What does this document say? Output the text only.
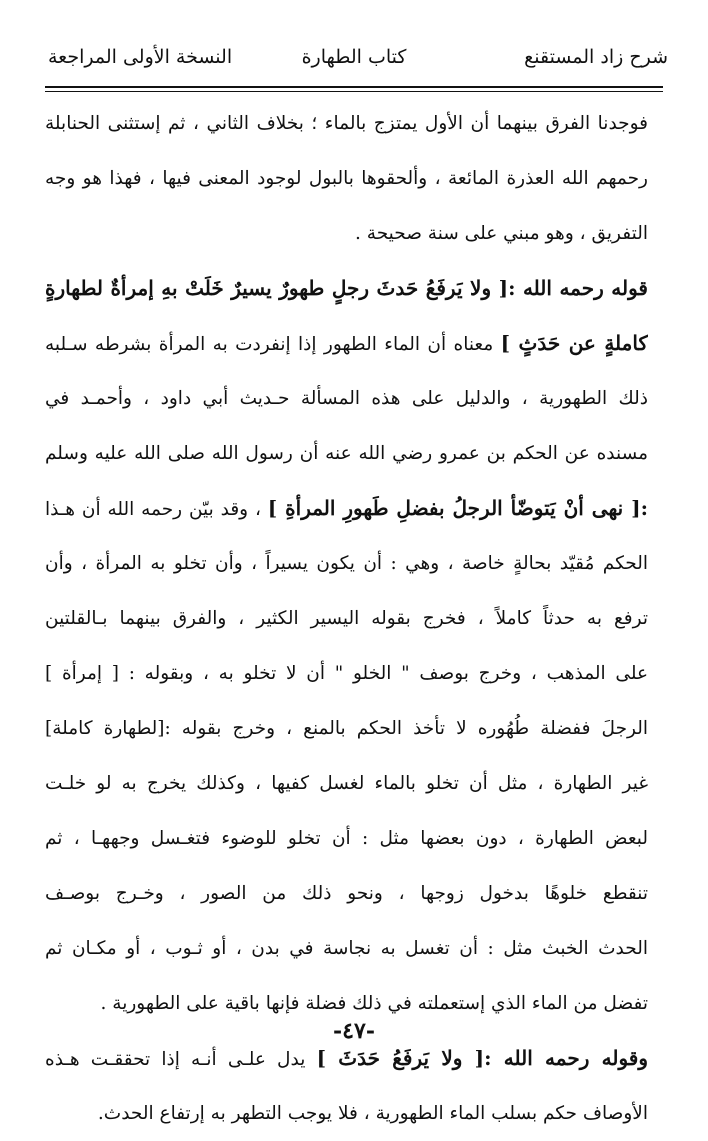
شرح زاد المستقنع
كتاب الطهارة
النسخة الأولى المراجعة
فوجدنا الفرق بينهما أن الأول يمتزج بالماء ؛ بخلاف الثاني ، ثم إستثنى الحنابلة
رحمهم الله العذرة المائعة ، وألحقوها بالبول لوجود المعنى فيها ، فهذا هو وجه
التفريق ، وهو مبني على سنة صحيحة .
قوله رحمه الله :[ ولا يَرفَعُ حَدثَ رجلٍ طهورٌ يسيرٌ خَلَتْ بهِ إمرأةٌ لطهارةٍ
كاملةٍ عن حَدَثٍ ] معناه أن الماء الطهور إذا إنفردت به المرأة بشرطه سـلبه
ذلك الطهورية ، والدليل على هذه المسألة حـديث أبي داود ، وأحمـد في
مسنده عن الحكم بن عمرو رضي الله عنه أن رسول الله صلى الله عليه وسلم
:[ نهى أنْ يَتوضّأ الرجلُ بفضلِ طَهورِ المرأةِ ] ، وقد بيّن رحمه الله أن هـذا
الحكم مُقيّد بحالةٍ خاصة ، وهي : أن يكون يسيراً ، وأن تخلو به المرأة ، وأن
ترفع به حدثاً كاملاً ، فخرج بقوله اليسير الكثير ، والفرق بينهما بـالقلتين
على المذهب ، وخرج بوصف " الخلو " أن لا تخلو به ، وبقوله : [ إمرأة ]
الرجلَ ففضلة طُهُوره لا تأخذ الحكم بالمنع ، وخرج بقوله :[لطهارة كاملة]
غير الطهارة ، مثل أن تخلو بالماء لغسل كفيها ، وكذلك يخرج به لو خلـت
لبعض الطهارة ، دون بعضها مثل : أن تخلو للوضوء فتغـسل وجههـا ، ثم
تنقطع خلوهًا بدخول زوجها ، ونحو ذلك من الصور ، وخـرج بوصـف
الحدث الخبث مثل : أن تغسل به نجاسة في بدن ، أو ثـوب ، أو مكـان ثم
تفضل من الماء الذي إستعملته في ذلك فضلة فإنها باقية على الطهورية .
وقوله رحمه الله :[ ولا يَرفَعُ حَدَثَ ] يدل علـى أنـه إذا تحققـت هـذه
الأوصاف حكم بسلب الماء الطهورية ، فلا يوجب التطهر به إرتفاع الحدث.
-٤٧-
